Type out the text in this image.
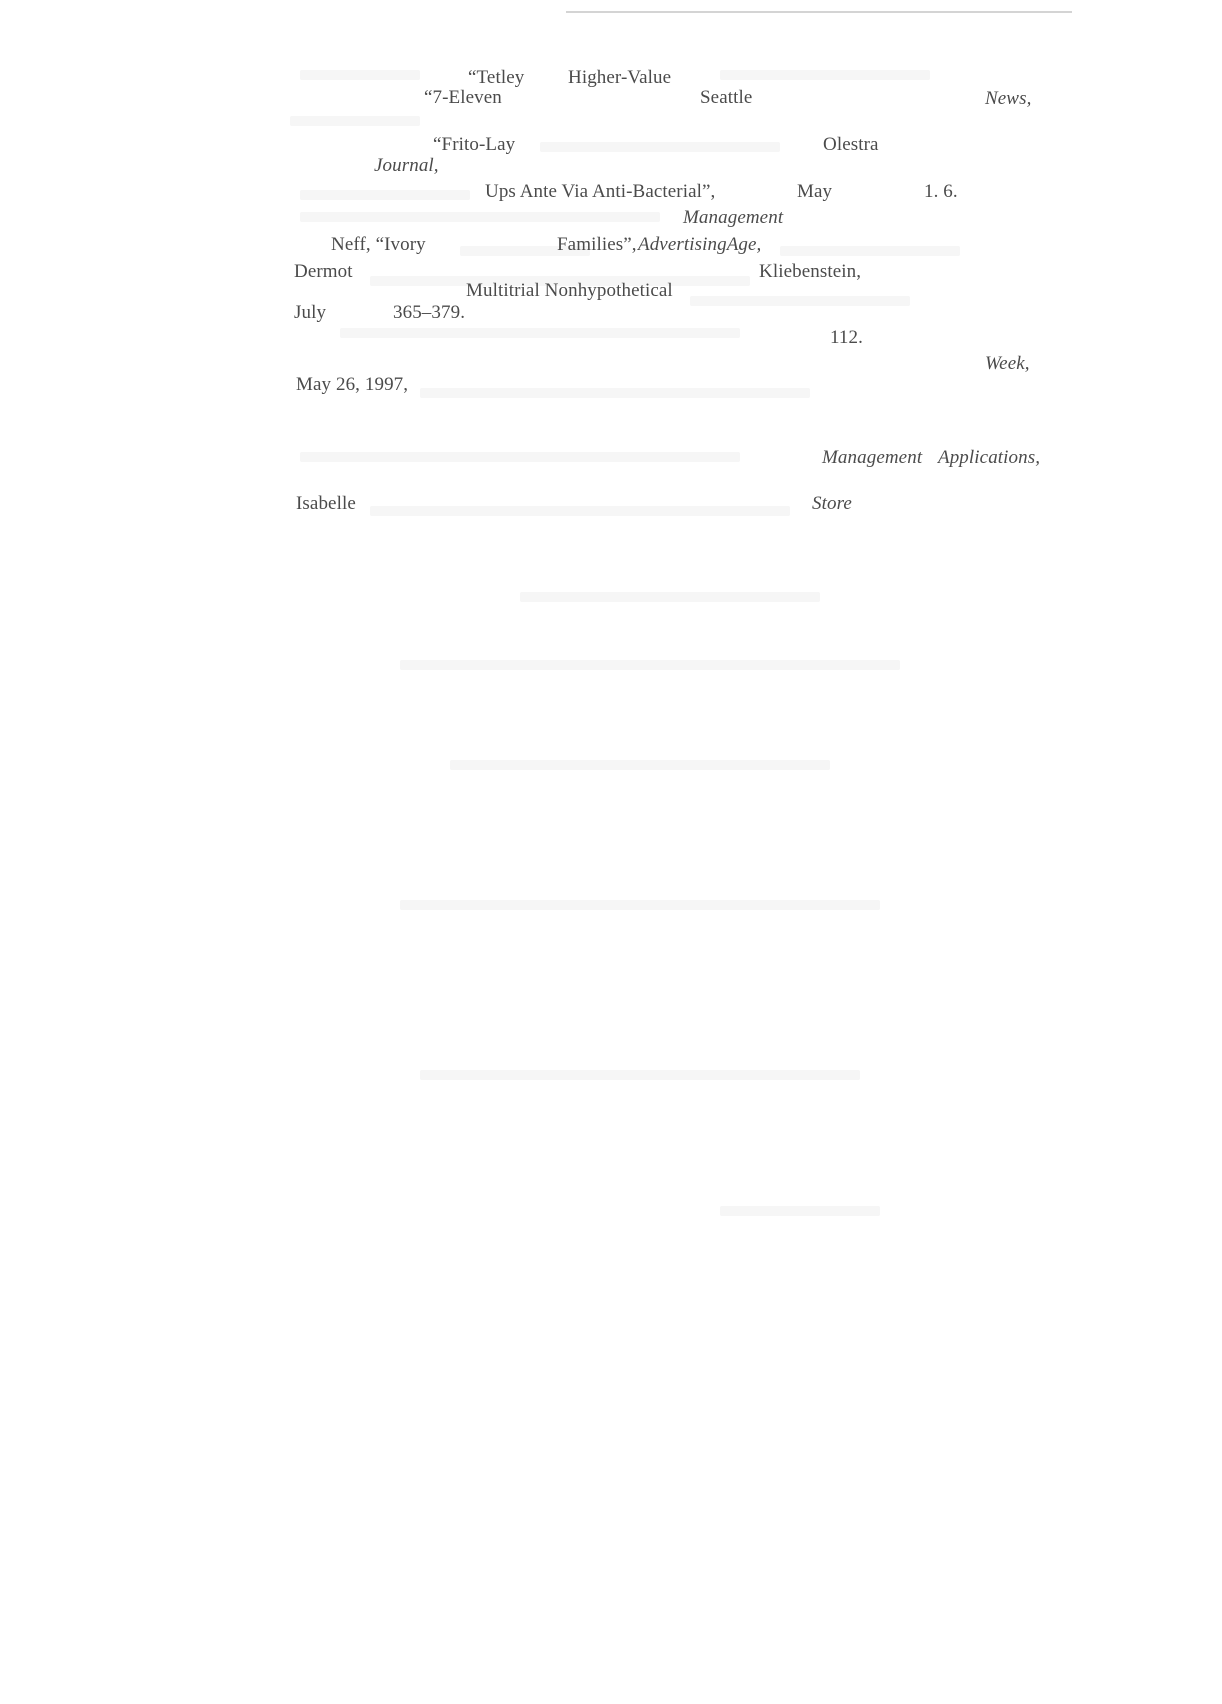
“Tetley Higher-Value
“7-Eleven	Seattle	News,
“Frito-Lay	Olestra
Journal,
Ups Ante Via Anti-Bacterial”,	May	1. 6.
Management
Neff, “Ivory	Families”, AdvertisingAge,
Dermot	Kliebenstein,
Multitrial Nonhypothetical
July	365–379.
112.
Week,
May 26, 1997,
Management Applications,
Isabelle	Store
